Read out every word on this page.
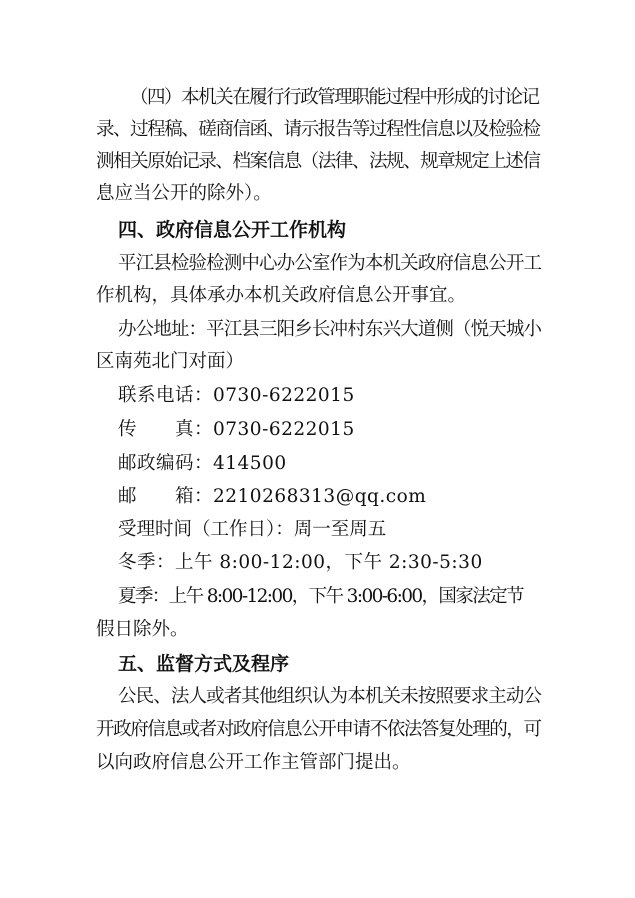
（四）本机关在履行行政管理职能过程中形成的讨论记
录、过程稿、磋商信函、请示报告等过程性信息以及检验检
测相关原始记录、档案信息（法律、法规、规章规定上述信
息应当公开的除外）。
四、政府信息公开工作机构
平江县检验检测中心办公室作为本机关政府信息公开工
作机构，具体承办本机关政府信息公开事宜。
办公地址：平江县三阳乡长冲村东兴大道侧（悦天城小
区南苑北门对面）
联系电话：0730-6222015
传　　真：0730-6222015
邮政编码：414500
邮　　箱：2210268313@qq.com
受理时间（工作日）：周一至周五
冬季：上午 8:00-12:00，下午 2:30-5:30
夏季：上午 8:00-12:00，下午 3:00-6:00，国家法定节
假日除外。
五、监督方式及程序
公民、法人或者其他组织认为本机关未按照要求主动公
开政府信息或者对政府信息公开申请不依法答复处理的，可
以向政府信息公开工作主管部门提出。
